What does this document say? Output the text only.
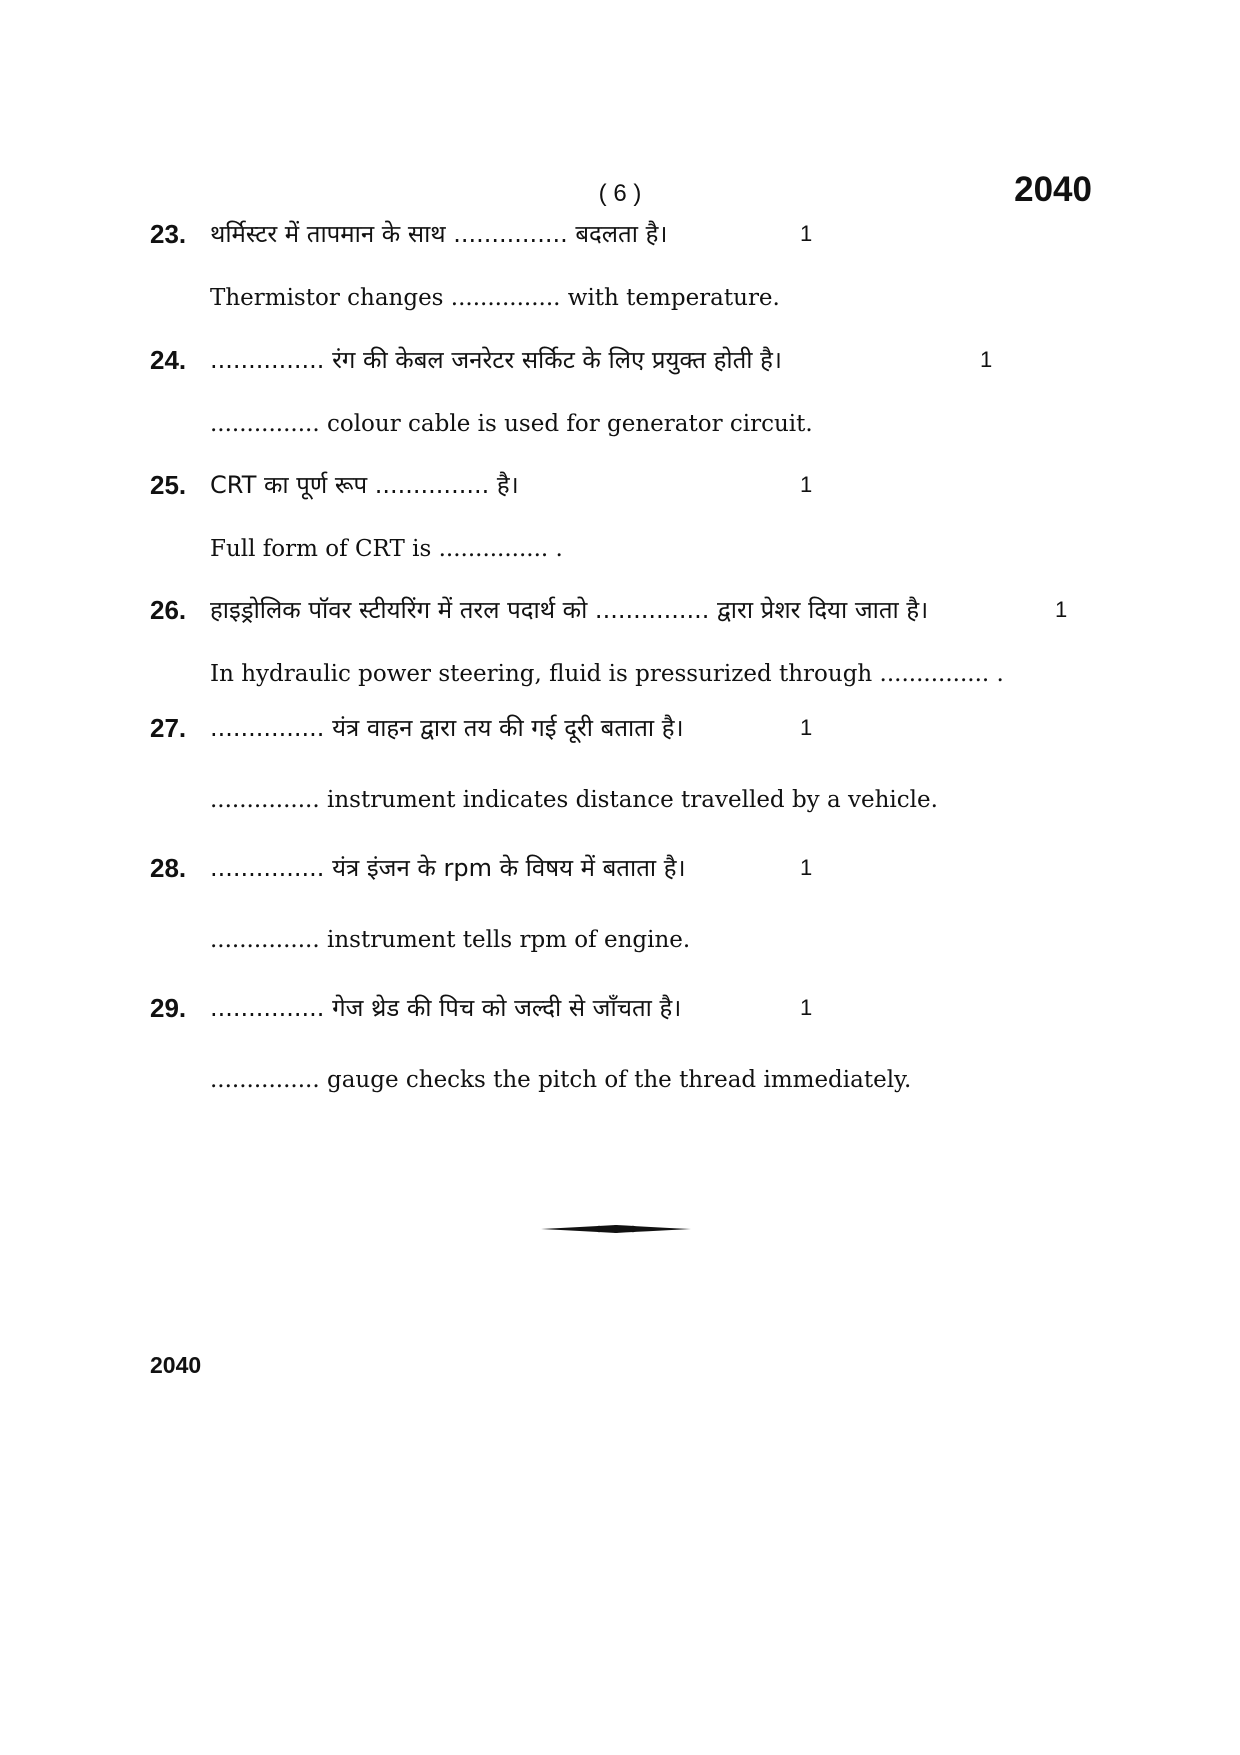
( 6 )	2040
23. थर्मिस्टर में तापमान के साथ ............... बदलता है।	1
Thermistor changes ............... with temperature.
24. ............... रंग की केबल जनरेटर सर्किट के लिए प्रयुक्त होती है।	1
............... colour cable is used for generator circuit.
25. CRT का पूर्ण रूप ............... है।	1
Full form of CRT is ............... .
26. हाइड्रोलिक पॉवर स्टीयरिंग में तरल पदार्थ को ............... द्वारा प्रेशर दिया जाता है।	1
In hydraulic power steering, fluid is pressurized through ............... .
27. ............... यंत्र वाहन द्वारा तय की गई दूरी बताता है।	1
............... instrument indicates distance travelled by a vehicle.
28. ............... यंत्र इंजन के rpm के विषय में बताता है।	1
............... instrument tells rpm of engine.
29. ............... गेज थ्रेड की पिच को जल्दी से जाँचता है।	1
............... gauge checks the pitch of the thread immediately.
2040
